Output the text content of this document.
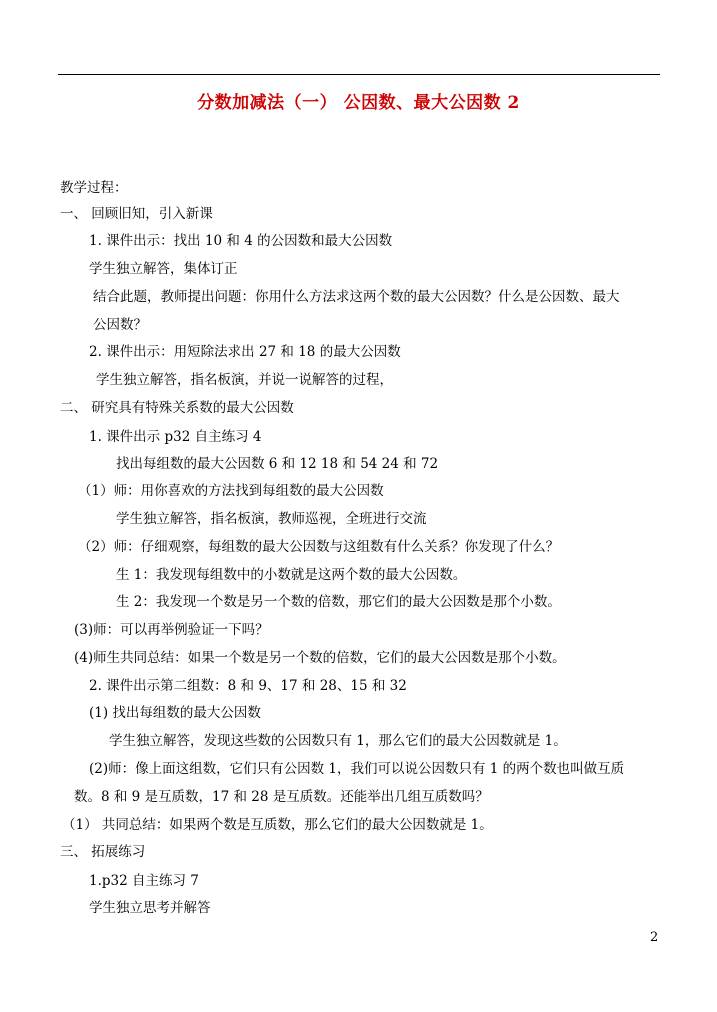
分数加减法（一） 公因数、最大公因数 2
教学过程：
一、 回顾旧知，引入新课
1. 课件出示：找出 10 和 4 的公因数和最大公因数
学生独立解答，集体订正
结合此题，教师提出问题：你用什么方法求这两个数的最大公因数？什么是公因数、最大
公因数？
2. 课件出示：用短除法求出 27 和 18 的最大公因数
学生独立解答，指名板演，并说一说解答的过程，
二、 研究具有特殊关系数的最大公因数
1. 课件出示 p32 自主练习 4
找出每组数的最大公因数 6 和 12 18 和 54 24 和 72
（1）师：用你喜欢的方法找到每组数的最大公因数
学生独立解答，指名板演，教师巡视，全班进行交流
（2）师：仔细观察，每组数的最大公因数与这组数有什么关系？你发现了什么？
生 1：我发现每组数中的小数就是这两个数的最大公因数。
生 2：我发现一个数是另一个数的倍数，那它们的最大公因数是那个小数。
(3)师：可以再举例验证一下吗？
(4)师生共同总结：如果一个数是另一个数的倍数，它们的最大公因数是那个小数。
2. 课件出示第二组数：8 和 9、17 和 28、15 和 32
(1) 找出每组数的最大公因数
学生独立解答，发现这些数的公因数只有 1，那么它们的最大公因数就是 1。
(2)师：像上面这组数，它们只有公因数 1，我们可以说公因数只有 1 的两个数也叫做互质
数。8 和 9 是互质数，17 和 28 是互质数。还能举出几组互质数吗？
（1） 共同总结：如果两个数是互质数，那么它们的最大公因数就是 1。
三、 拓展练习
1.p32 自主练习 7
学生独立思考并解答
2
